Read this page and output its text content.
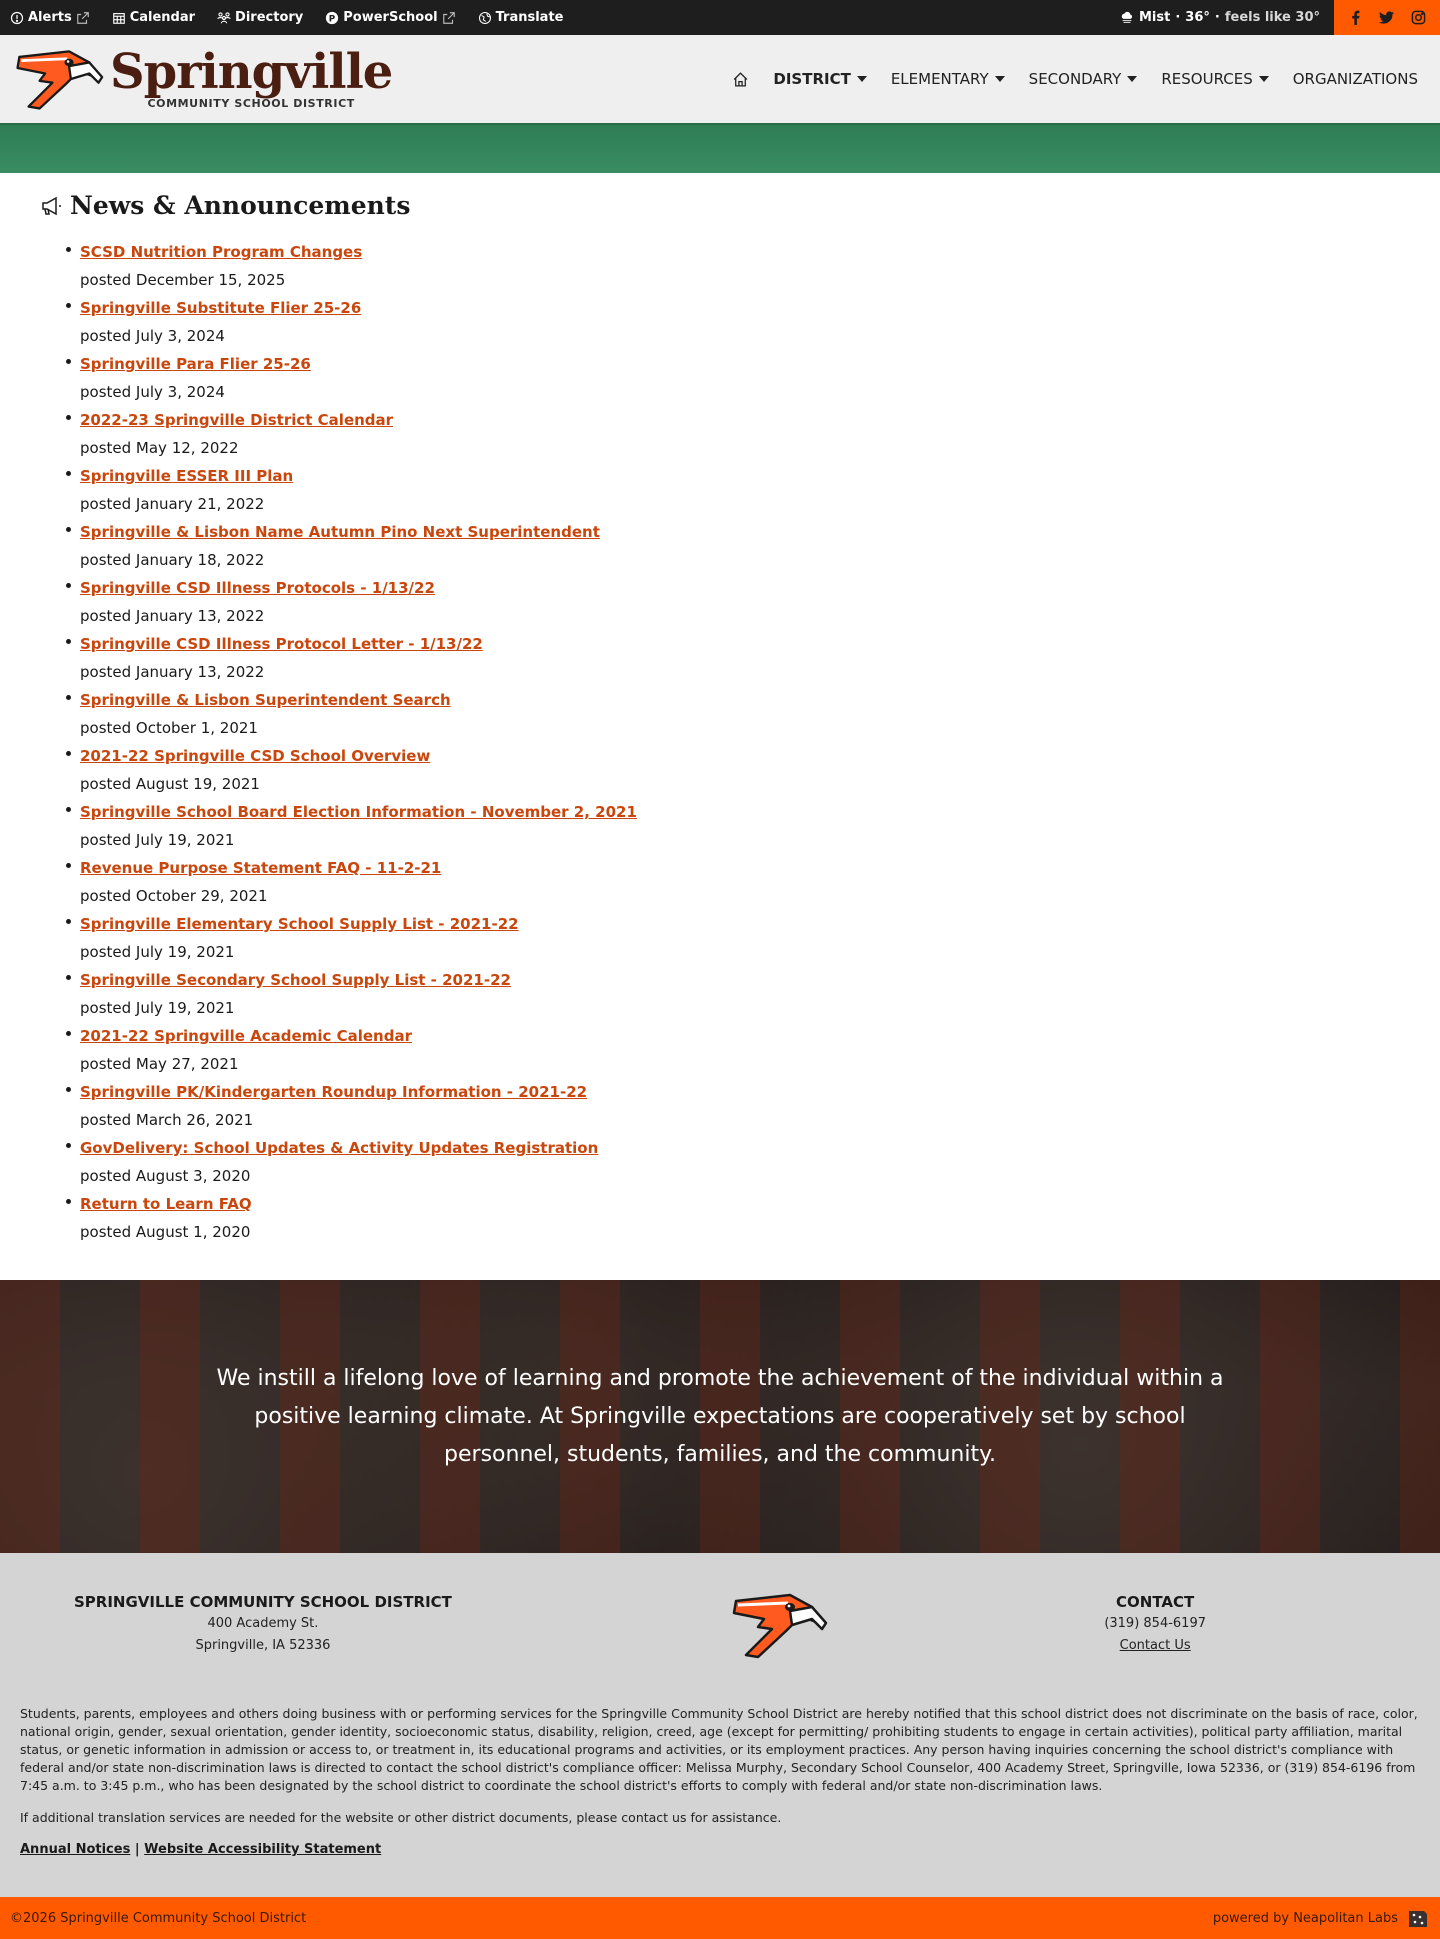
Alerts	Calendar	Directory	P PowerSchool	Translate	Mist · 36° · feels like 30°
Springville
COMMUNITY SCHOOL DISTRICT
DISTRICT	ELEMENTARY	SECONDARY	RESOURCES	ORGANIZATIONS
News & Announcements
SCSD Nutrition Program Changes
posted December 15, 2025
Springville Substitute Flier 25-26
posted July 3, 2024
Springville Para Flier 25-26
posted July 3, 2024
2022-23 Springville District Calendar
posted May 12, 2022
Springville ESSER III Plan
posted January 21, 2022
Springville & Lisbon Name Autumn Pino Next Superintendent
posted January 18, 2022
Springville CSD Illness Protocols - 1/13/22
posted January 13, 2022
Springville CSD Illness Protocol Letter - 1/13/22
posted January 13, 2022
Springville & Lisbon Superintendent Search
posted October 1, 2021
2021-22 Springville CSD School Overview
posted August 19, 2021
Springville School Board Election Information - November 2, 2021
posted July 19, 2021
Revenue Purpose Statement FAQ - 11-2-21
posted October 29, 2021
Springville Elementary School Supply List - 2021-22
posted July 19, 2021
Springville Secondary School Supply List - 2021-22
posted July 19, 2021
2021-22 Springville Academic Calendar
posted May 27, 2021
Springville PK/Kindergarten Roundup Information - 2021-22
posted March 26, 2021
GovDelivery: School Updates & Activity Updates Registration
posted August 3, 2020
Return to Learn FAQ
posted August 1, 2020

We instill a lifelong love of learning and promote the achievement of the individual within a positive learning climate. At Springville expectations are cooperatively set by school personnel, students, families, and the community.

SPRINGVILLE COMMUNITY SCHOOL DISTRICT
400 Academy St.
Springville, IA 52336
CONTACT
(319) 854-6197
Contact Us

Students, parents, employees and others doing business with or performing services for the Springville Community School District are hereby notified that this school district does not discriminate on the basis of race, color, national origin, gender, sexual orientation, gender identity, socioeconomic status, disability, religion, creed, age (except for permitting/ prohibiting students to engage in certain activities), political party affiliation, marital status, or genetic information in admission or access to, or treatment in, its educational programs and activities, or its employment practices. Any person having inquiries concerning the school district's compliance with federal and/or state non-discrimination laws is directed to contact the school district's compliance officer: Melissa Murphy, Secondary School Counselor, 400 Academy Street, Springville, Iowa 52336, or (319) 854-6196 from 7:45 a.m. to 3:45 p.m., who has been designated by the school district to coordinate the school district's efforts to comply with federal and/or state non-discrimination laws.

If additional translation services are needed for the website or other district documents, please contact us for assistance.

Annual Notices | Website Accessibility Statement

©2026 Springville Community School District	powered by Neapolitan Labs
